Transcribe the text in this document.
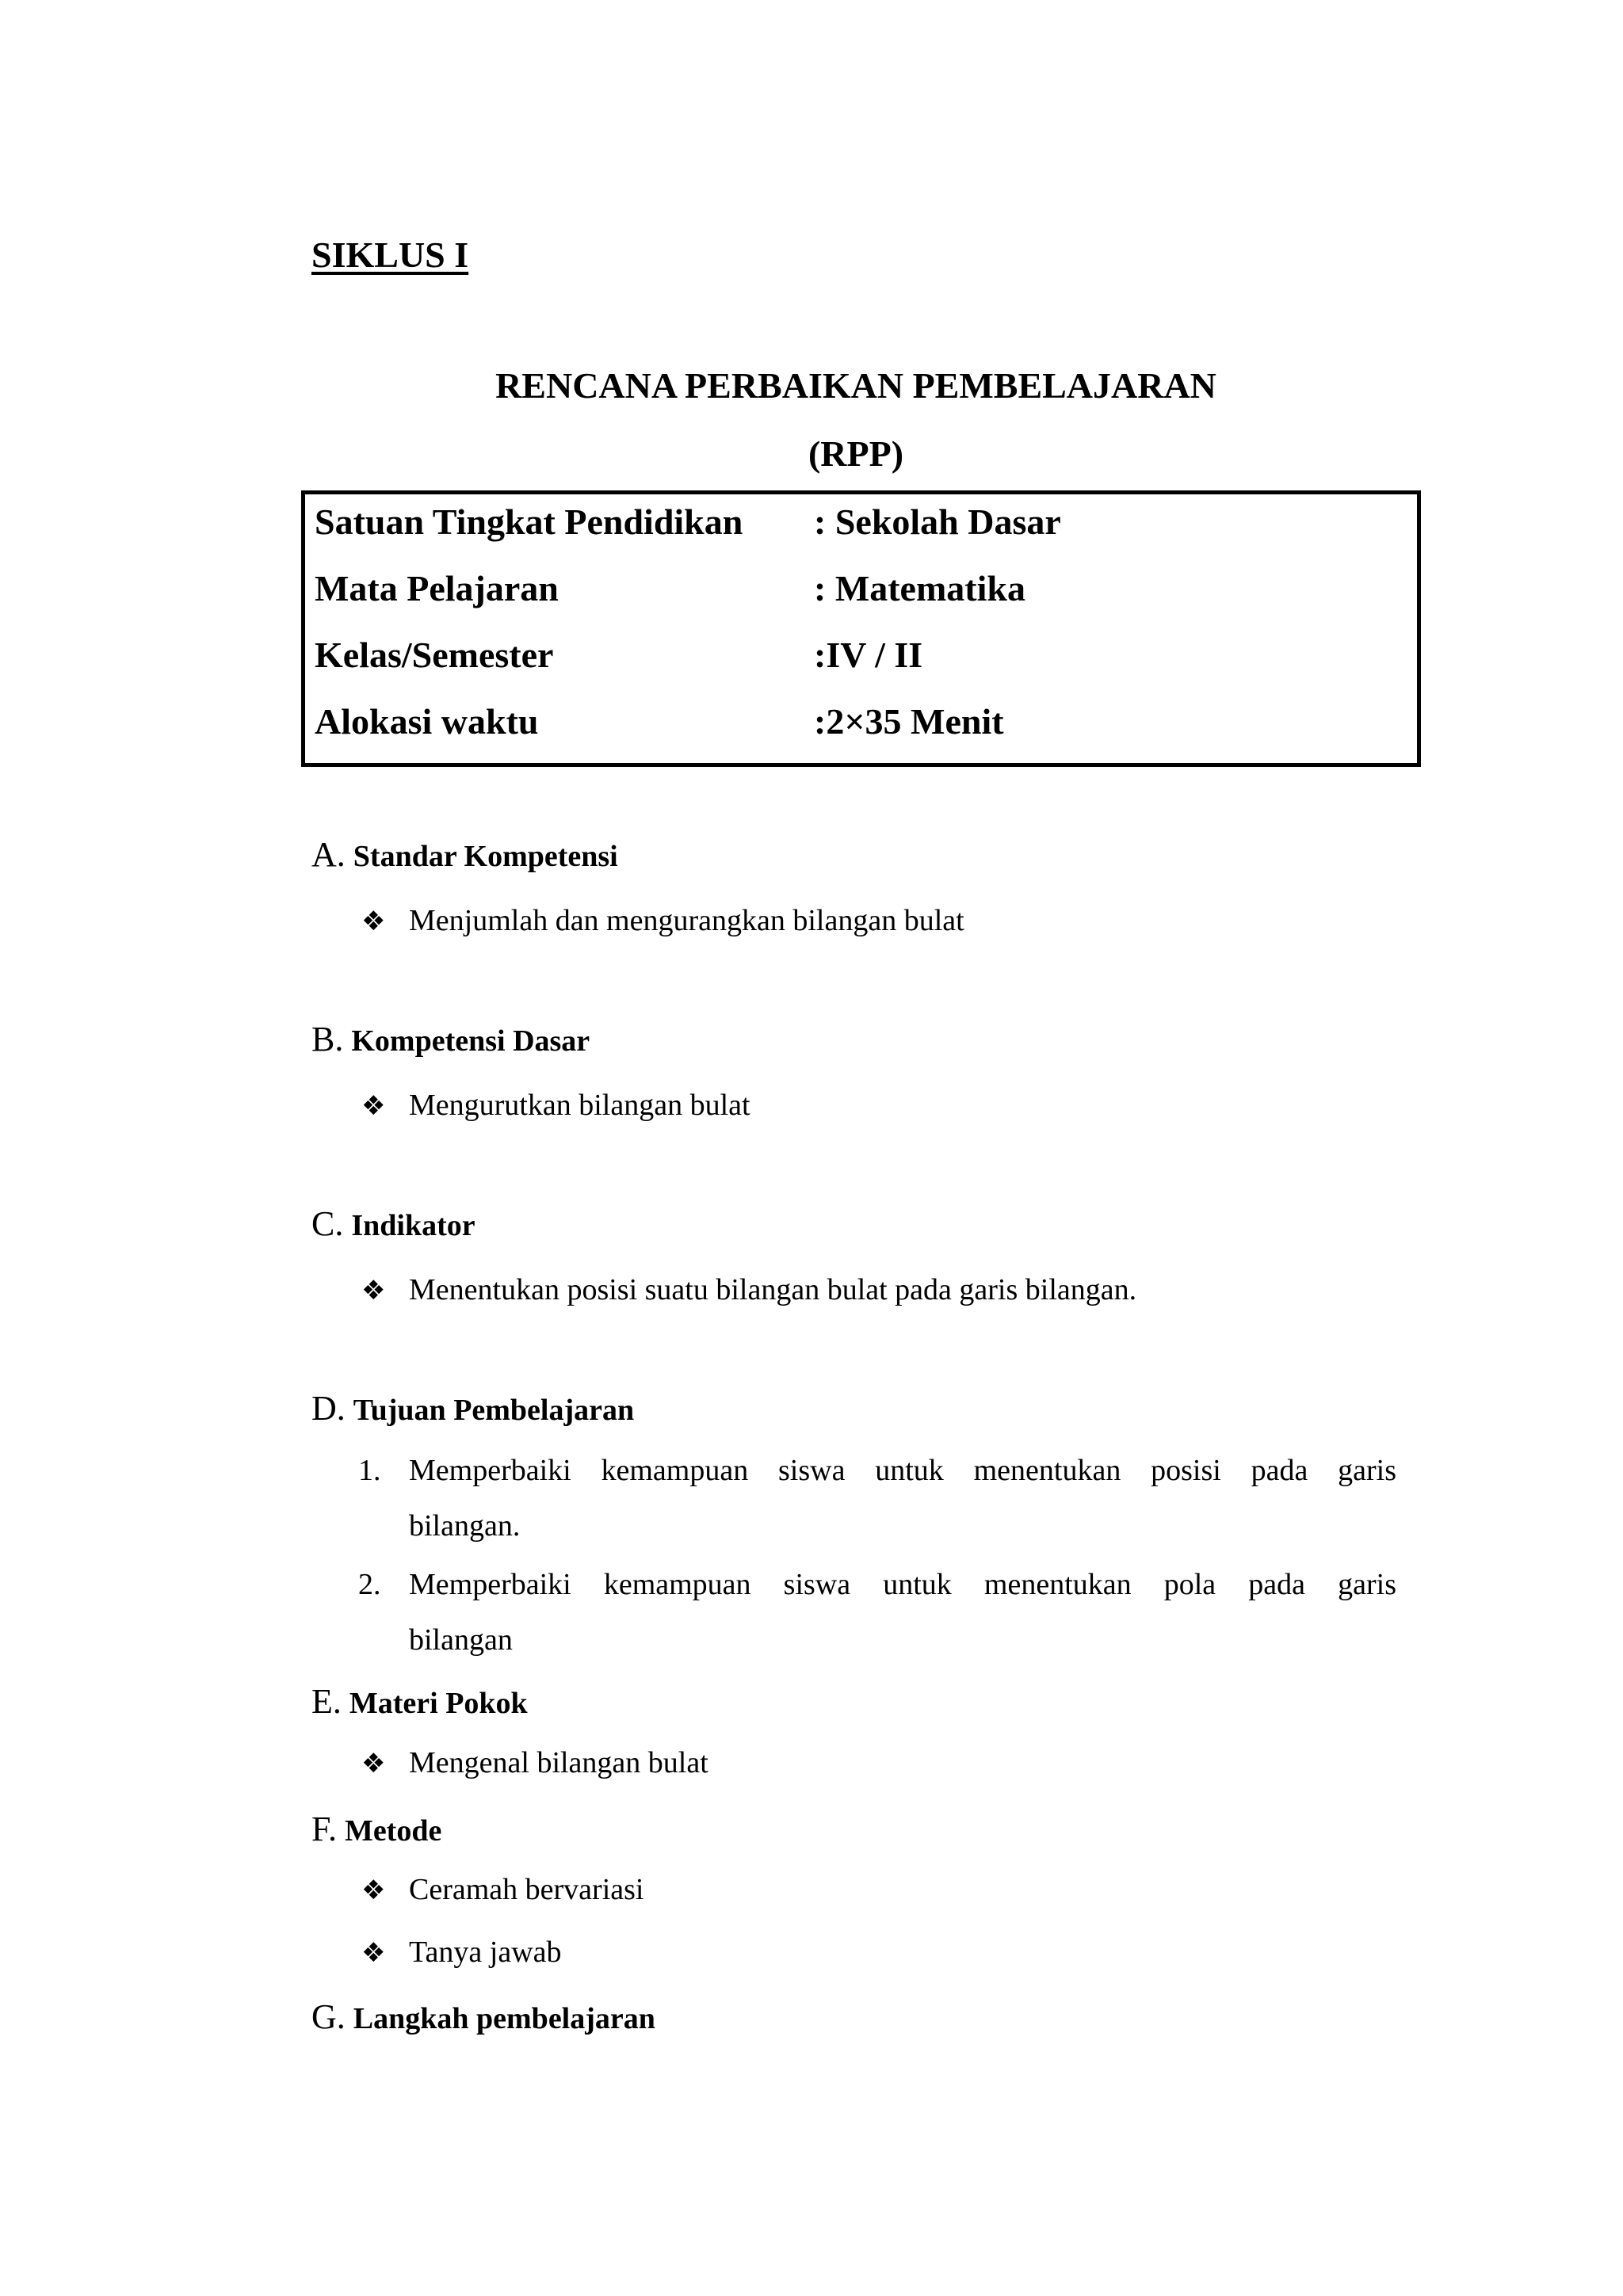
SIKLUS I
RENCANA PERBAIKAN PEMBELAJARAN
(RPP)
Satuan Tingkat Pendidikan : Sekolah Dasar
Mata Pelajaran	: Matematika
Kelas/Semester	:IV / II
Alokasi waktu	:2×35 Menit
A. Standar Kompetensi
❖ Menjumlah dan mengurangkan bilangan bulat
B. Kompetensi Dasar
❖ Mengurutkan bilangan bulat
C. Indikator
❖ Menentukan posisi suatu bilangan bulat pada garis bilangan.
D. Tujuan Pembelajaran
1. Memperbaiki kemampuan siswa untuk menentukan posisi pada garis
bilangan.
2. Memperbaiki kemampuan siswa untuk menentukan pola pada garis
bilangan
E. Materi Pokok
❖ Mengenal bilangan bulat
F. Metode
❖ Ceramah bervariasi
❖ Tanya jawab
G. Langkah pembelajaran
